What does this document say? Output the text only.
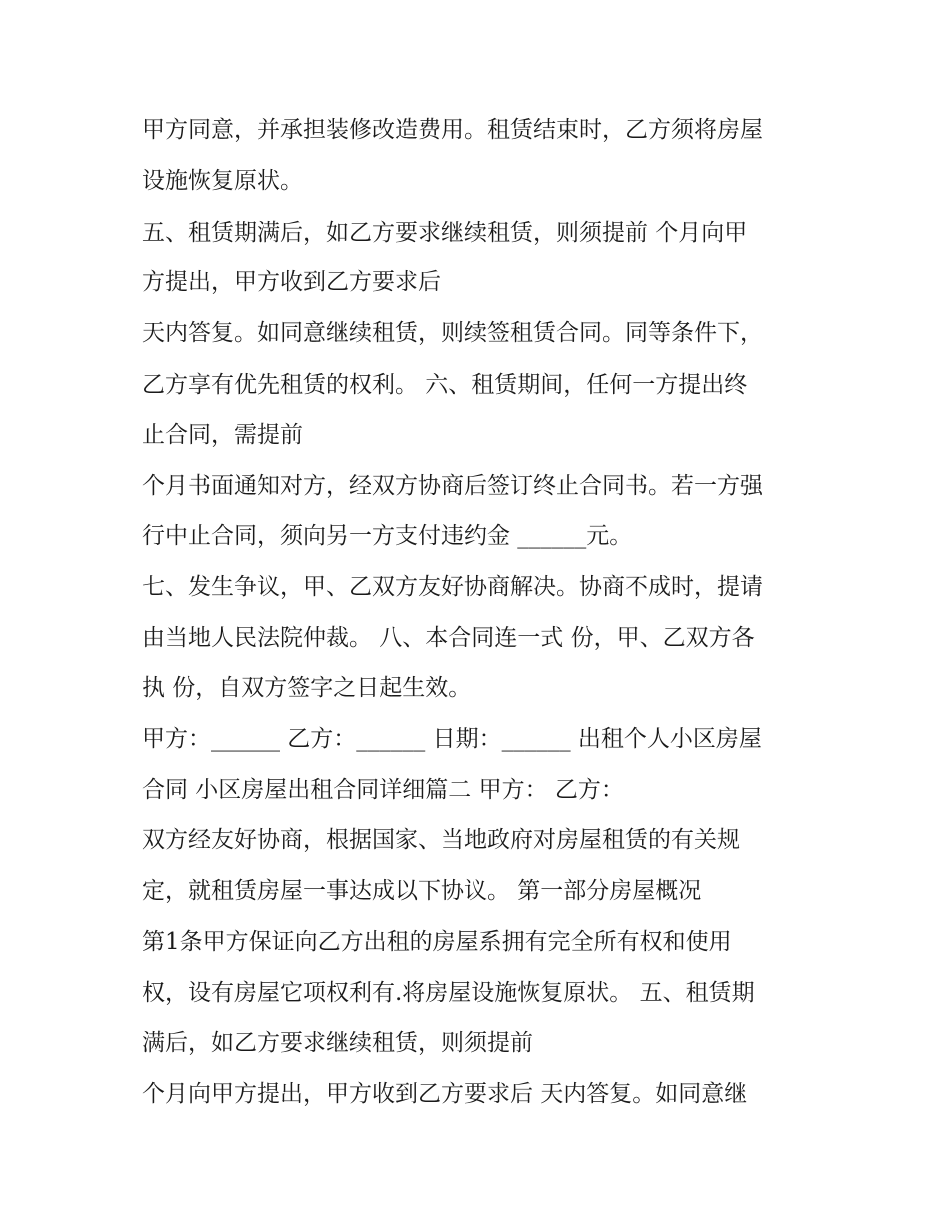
甲方同意，并承担装修改造费用。租赁结束时，乙方须将房屋
设施恢复原状。
五、租赁期满后，如乙方要求继续租赁，则须提前 个月向甲
方提出，甲方收到乙方要求后
天内答复。如同意继续租赁，则续签租赁合同。同等条件下，
乙方享有优先租赁的权利。 六、租赁期间，任何一方提出终
止合同，需提前
个月书面通知对方，经双方协商后签订终止合同书。若一方强
行中止合同，须向另一方支付违约金 ______元。
七、发生争议，甲、乙双方友好协商解决。协商不成时，提请
由当地人民法院仲裁。 八、本合同连一式 份，甲、乙双方各
执 份，自双方签字之日起生效。
甲方：______ 乙方：______ 日期：______ 出租个人小区房屋
合同 小区房屋出租合同详细篇二 甲方： 乙方：
双方经友好协商，根据国家、当地政府对房屋租赁的有关规
定，就租赁房屋一事达成以下协议。 第一部分房屋概况
第1条甲方保证向乙方出租的房屋系拥有完全所有权和使用
权，设有房屋它项权利有.将房屋设施恢复原状。 五、租赁期
满后，如乙方要求继续租赁，则须提前
个月向甲方提出，甲方收到乙方要求后 天内答复。如同意继
